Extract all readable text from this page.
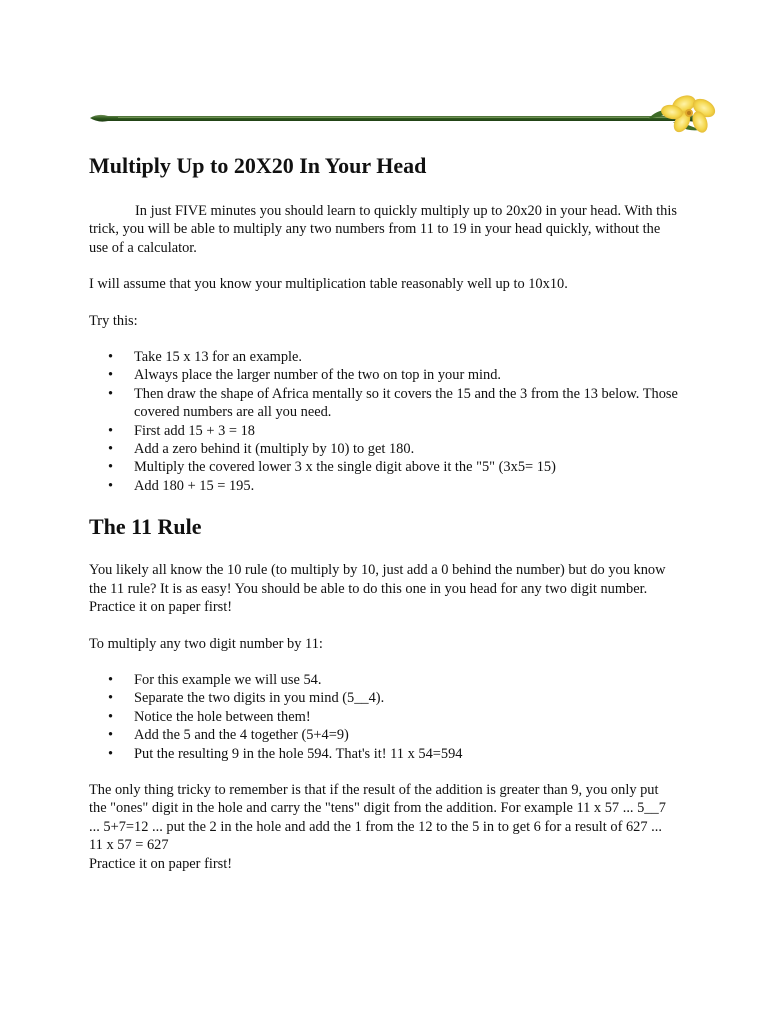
Multiply Up to 20X20 In Your Head

In just FIVE minutes you should learn to quickly multiply up to 20x20 in your head. With this trick, you will be able to multiply any two numbers from 11 to 19 in your head quickly, without the use of a calculator.

I will assume that you know your multiplication table reasonably well up to 10x10.

Try this:

• Take 15 x 13 for an example.
• Always place the larger number of the two on top in your mind.
• Then draw the shape of Africa mentally so it covers the 15 and the 3 from the 13 below. Those covered numbers are all you need.
• First add 15 + 3 = 18
• Add a zero behind it (multiply by 10) to get 180.
• Multiply the covered lower 3 x the single digit above it the "5" (3x5= 15)
• Add 180 + 15 = 195.
The 11 Rule

You likely all know the 10 rule (to multiply by 10, just add a 0 behind the number) but do you know the 11 rule? It is as easy! You should be able to do this one in you head for any two digit number. Practice it on paper first!

To multiply any two digit number by 11:

• For this example we will use 54.
• Separate the two digits in you mind (5__4).
• Notice the hole between them!
• Add the 5 and the 4 together (5+4=9)
• Put the resulting 9 in the hole 594. That's it! 11 x 54=594

The only thing tricky to remember is that if the result of the addition is greater than 9, you only put the "ones" digit in the hole and carry the "tens" digit from the addition. For example 11 x 57 ... 5__7 ... 5+7=12 ... put the 2 in the hole and add the 1 from the 12 to the 5 in to get 6 for a result of 627 ... 11 x 57 = 627

Practice it on paper first!
